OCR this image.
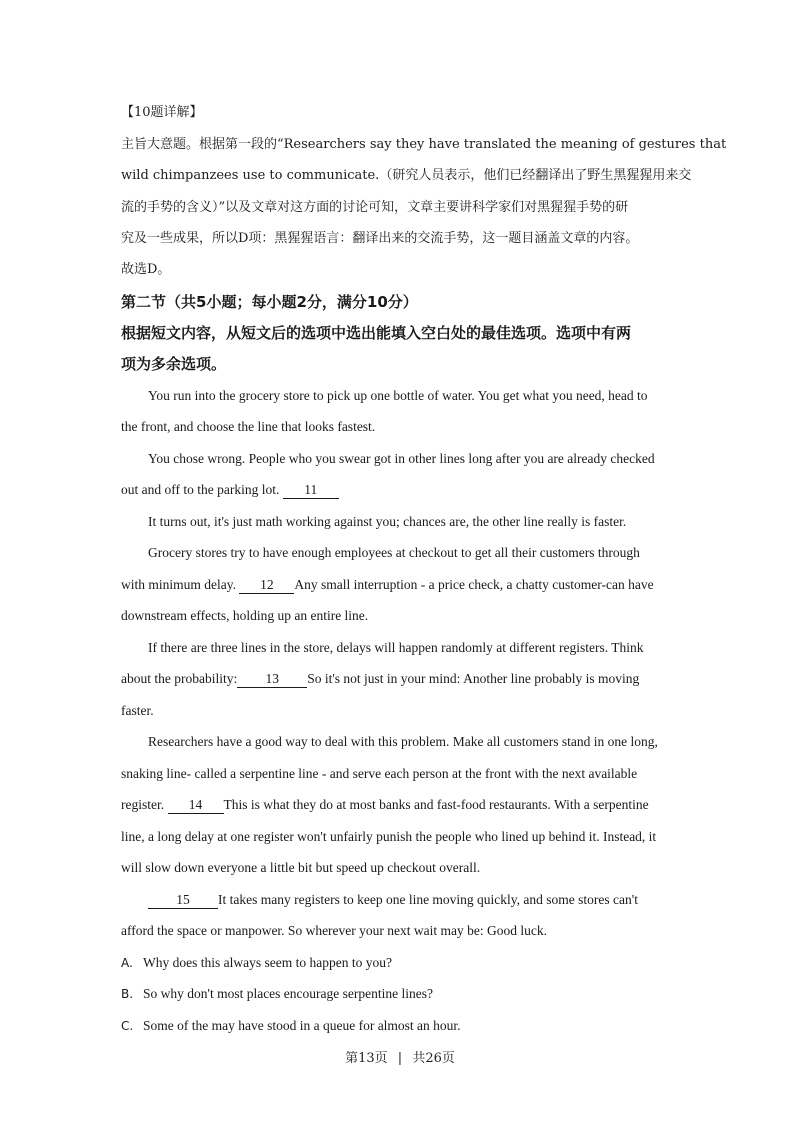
【10题详解】
主旨大意题。根据第一段的“Researchers say they have translated the meaning of gestures that
wild chimpanzees use to communicate.（研究人员表示，他们已经翻译出了野生黑猩猩用来交
流的手势的含义）”以及文章对这方面的讨论可知，文章主要讲科学家们对黑猩猩手势的研
究及一些成果，所以D项：黑猩猩语言：翻译出来的交流手势，这一题目涵盖文章的内容。
故选D。
第二节（共5小题；每小题2分，满分10分）
根据短文内容，从短文后的选项中选出能填入空白处的最佳选项。选项中有两
项为多余选项。
You run into the grocery store to pick up one bottle of water. You get what you need, head to
the front, and choose the line that looks fastest.
You chose wrong. People who you swear got in other lines long after you are already checked
out and off to the parking lot. 11
It turns out, it's just math working against you; chances are, the other line really is faster.
Grocery stores try to have enough employees at checkout to get all their customers through
with minimum delay. 12 Any small interruption - a price check, a chatty customer-can have
downstream effects, holding up an entire line.
If there are three lines in the store, delays will happen randomly at different registers. Think
about the probability: 13 So it's not just in your mind: Another line probably is moving
faster.
Researchers have a good way to deal with this problem. Make all customers stand in one long,
snaking line- called a serpentine line - and serve each person at the front with the next available
register. 14 This is what they do at most banks and fast-food restaurants. With a serpentine
line, a long delay at one register won't unfairly punish the people who lined up behind it. Instead, it
will slow down everyone a little bit but speed up checkout overall.
15 It takes many registers to keep one line moving quickly, and some stores can't
afford the space or manpower. So wherever your next wait may be: Good luck.
A. Why does this always seem to happen to you?
B. So why don't most places encourage serpentine lines?
C. Some of the may have stood in a queue for almost an hour.
第13页 | 共26页
